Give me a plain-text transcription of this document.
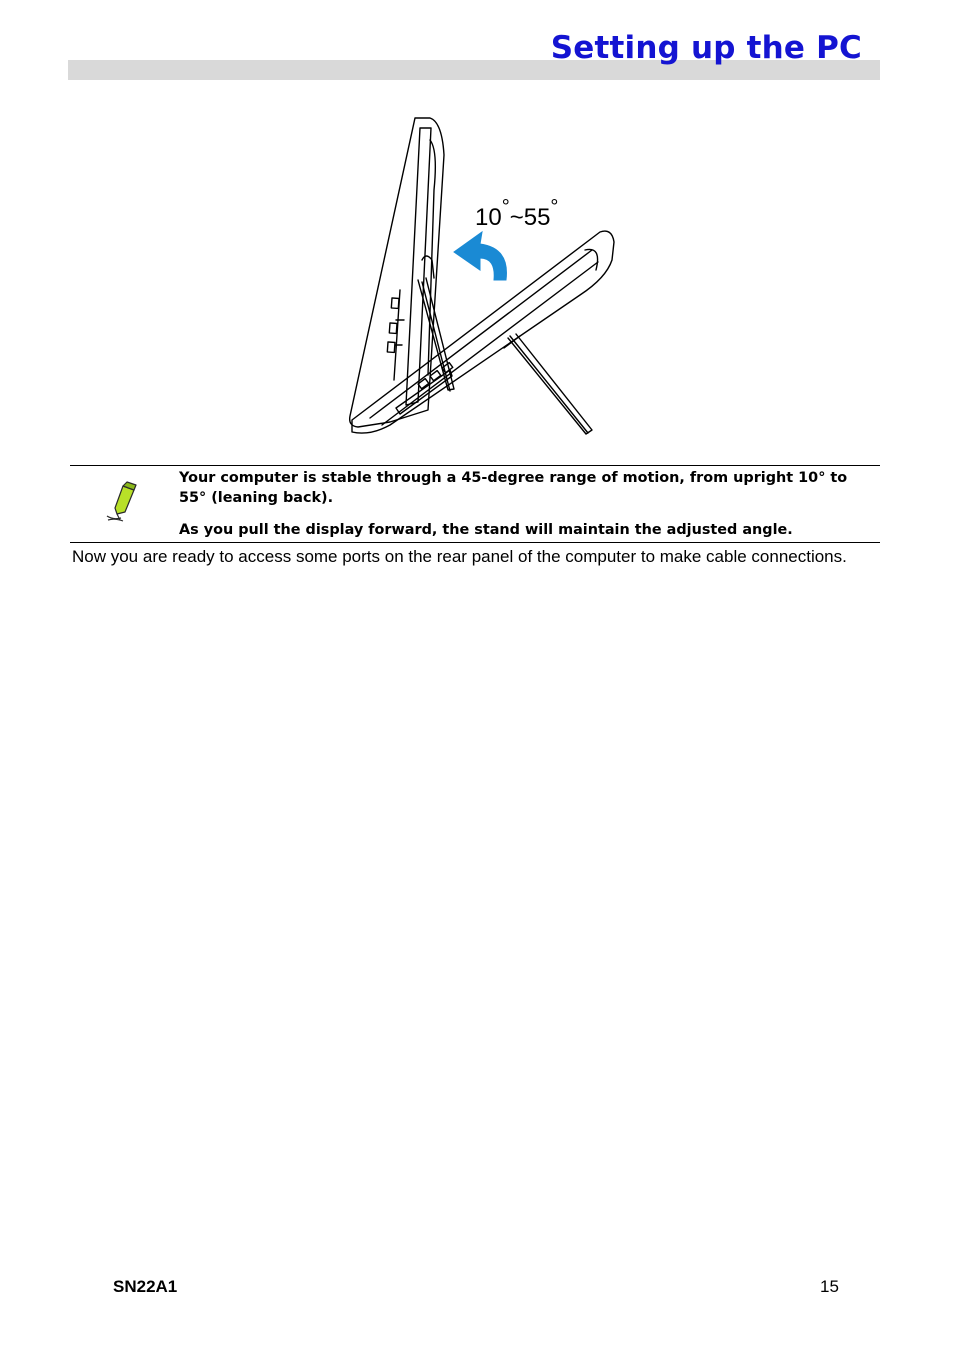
Setting up the PC
10°~55°

Your computer is stable through a 45-degree range of motion, from upright 10° to 55° (leaning back).

As you pull the display forward, the stand will maintain the adjusted angle.

Now you are ready to access some ports on the rear panel of the computer to make cable connections.

SN22A1	15
